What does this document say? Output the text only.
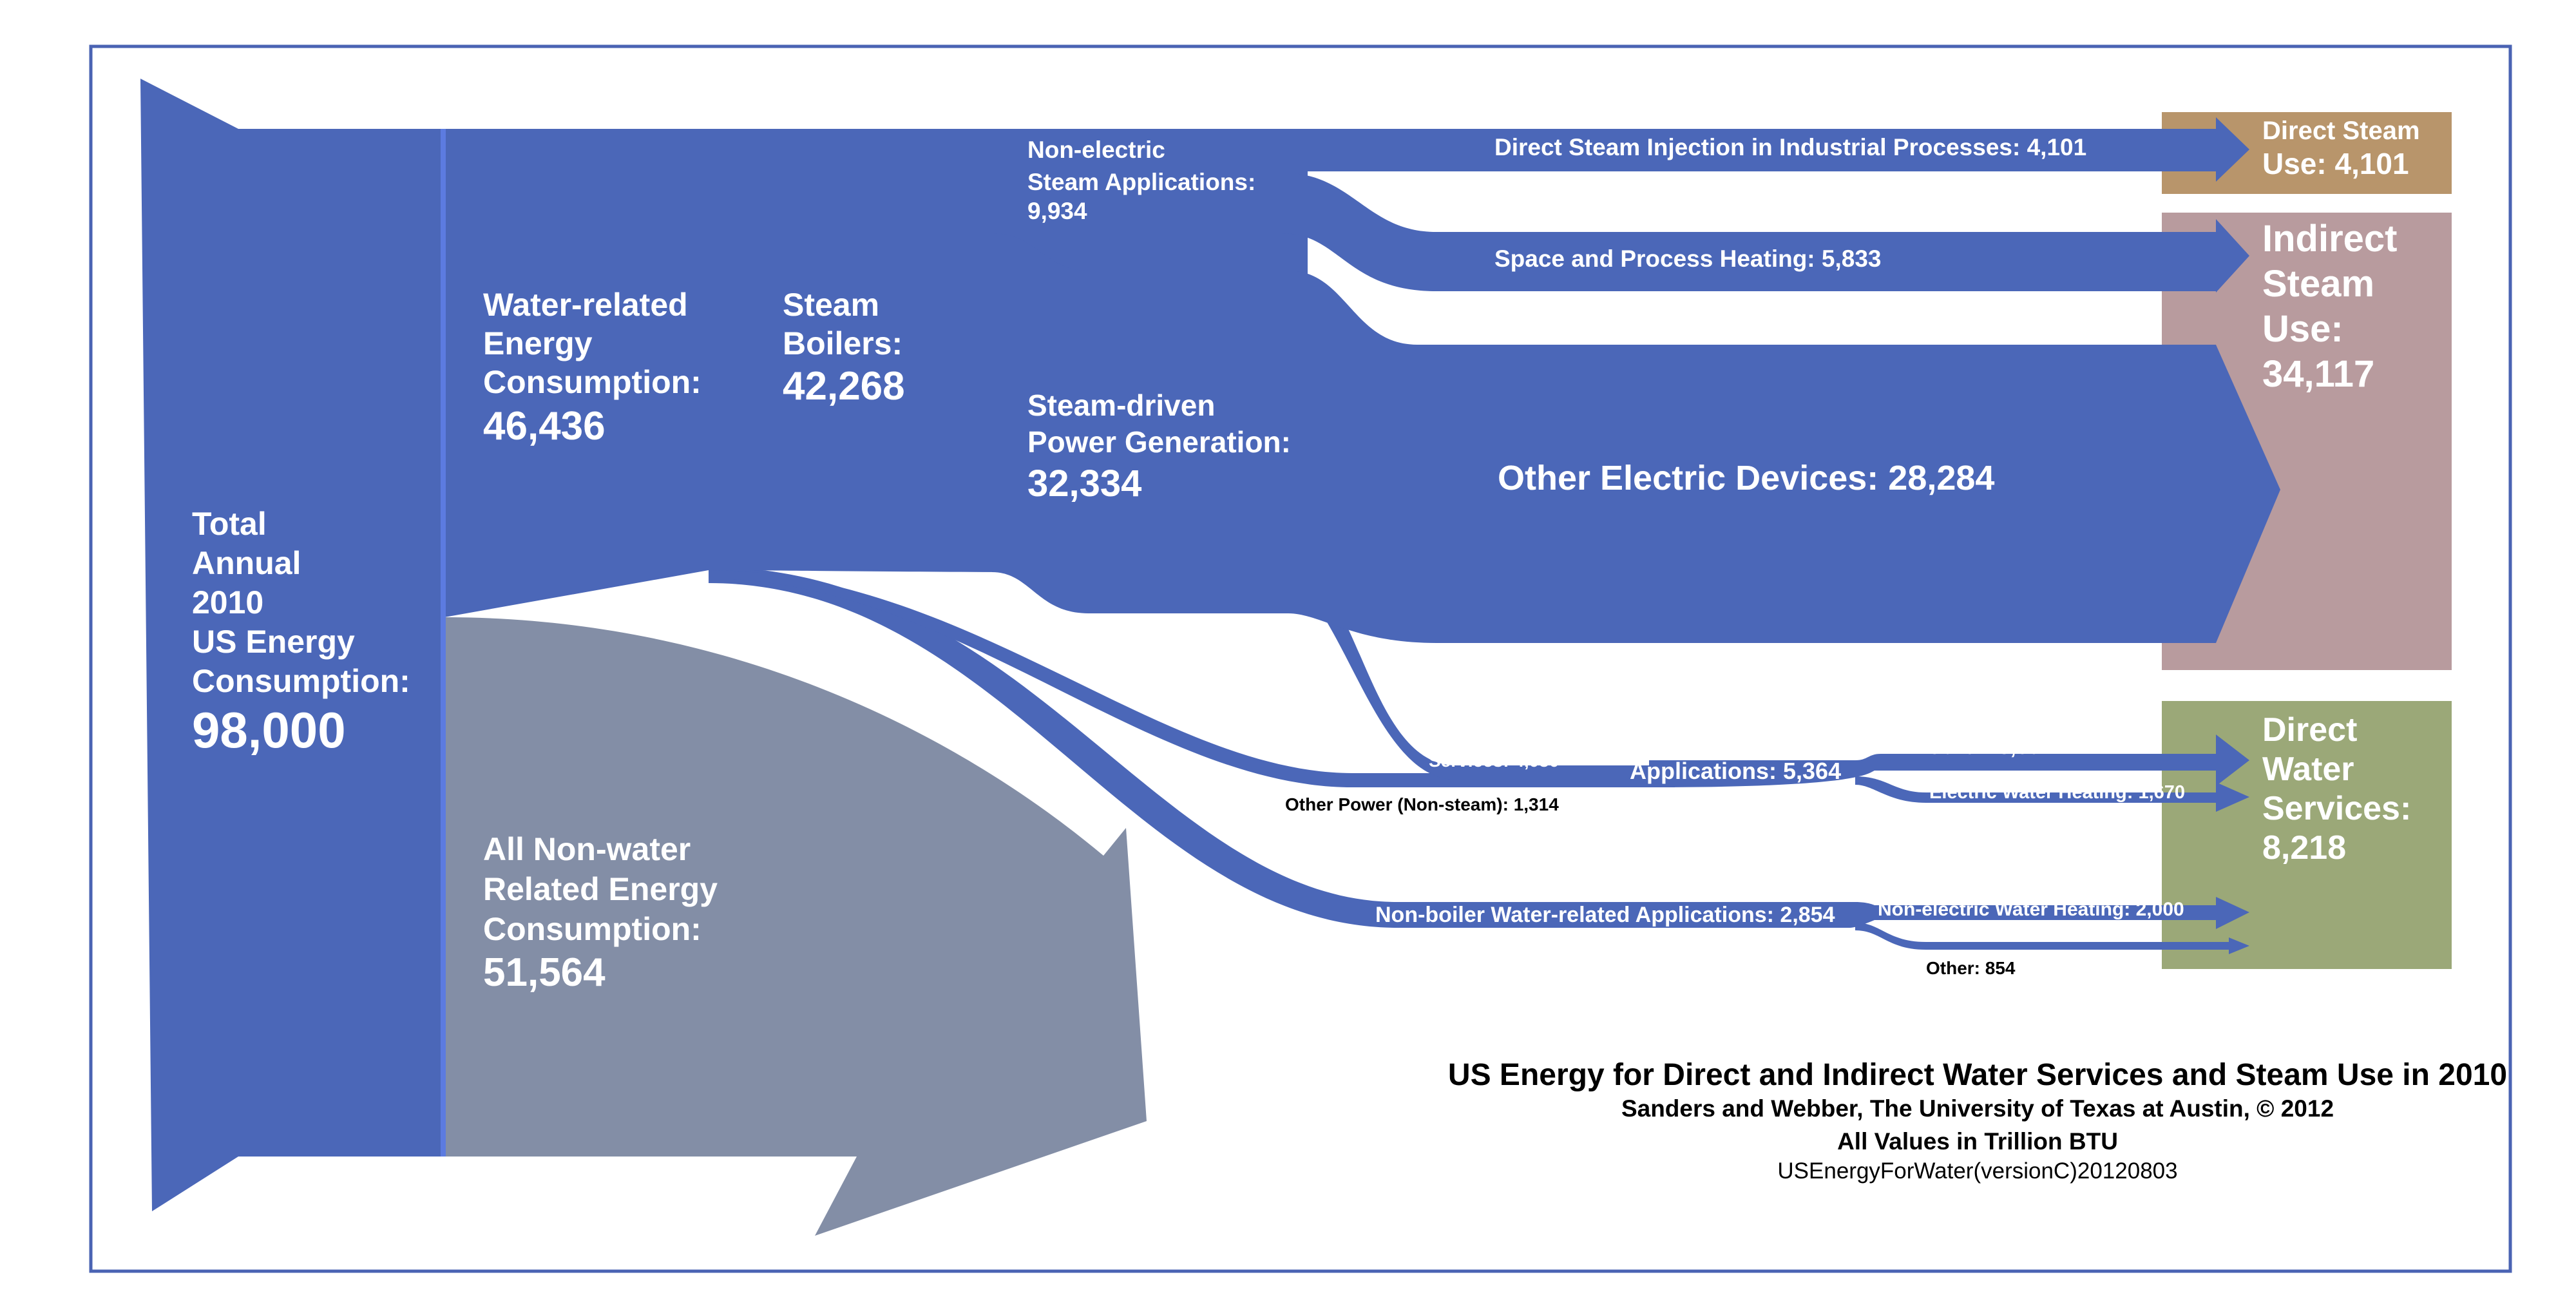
Total
Annual
2010
US Energy
Consumption:
98,000
Water-related
Energy
Consumption:
46,436
All Non-water
Related Energy
Consumption:
51,564
Steam
Boilers:
42,268
Non-electric
Steam Applications:
9,934
Steam-driven
Power Generation:
32,334
Direct Steam Injection in Industrial Processes: 4,101
Space and Process Heating: 5,833
Other Electric Devices: 28,284
To Direct Water
Services: 4,050
Electric Water-related
Applications: 5,364
Other Power (Non-steam): 1,314
Other: 3,694
Electric Water Heating: 1,670
Non-boiler Water-related Applications: 2,854 Non-electric Water Heating: 2,000
Other: 854
Direct Steam
Use: 4,101
Indirect
Steam
Use:
34,117
Direct
Water
Services:
8,218
US Energy for Direct and Indirect Water Services and Steam Use in 2010
Sanders and Webber, The University of Texas at Austin, © 2012
All Values in Trillion BTU
USEnergyForWater(versionC)20120803
